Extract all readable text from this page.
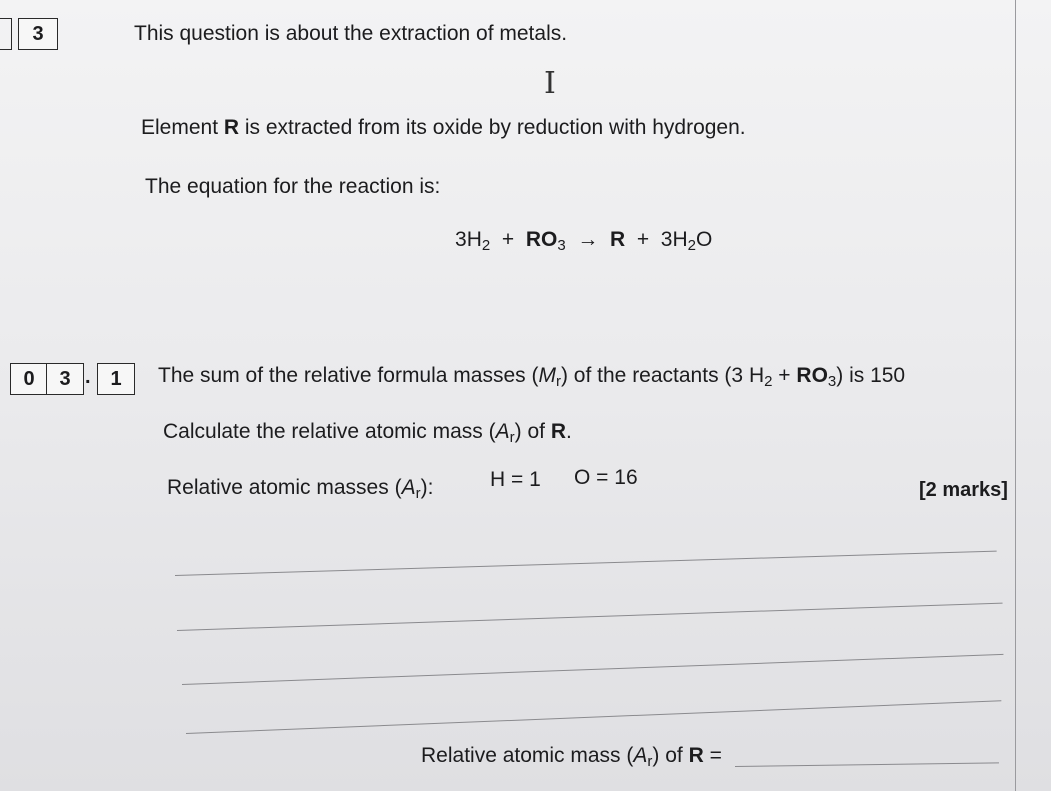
3	This question is about the extraction of metals.
I
Element R is extracted from its oxide by reduction with hydrogen.
The equation for the reaction is:
$3H_2 + RO_3 \to R + 3H_2O$
0	3 . 1	The sum of the relative formula masses $(M_r)$ of the reactants (3 $H_2 + RO_3$) is 150
Calculate the relative atomic mass $(A_r)$ of R.
Relative atomic masses $(A_r)$:	H = 1 O = 16
[2 marks]
Relative atomic mass $(A_r)$ of R =
